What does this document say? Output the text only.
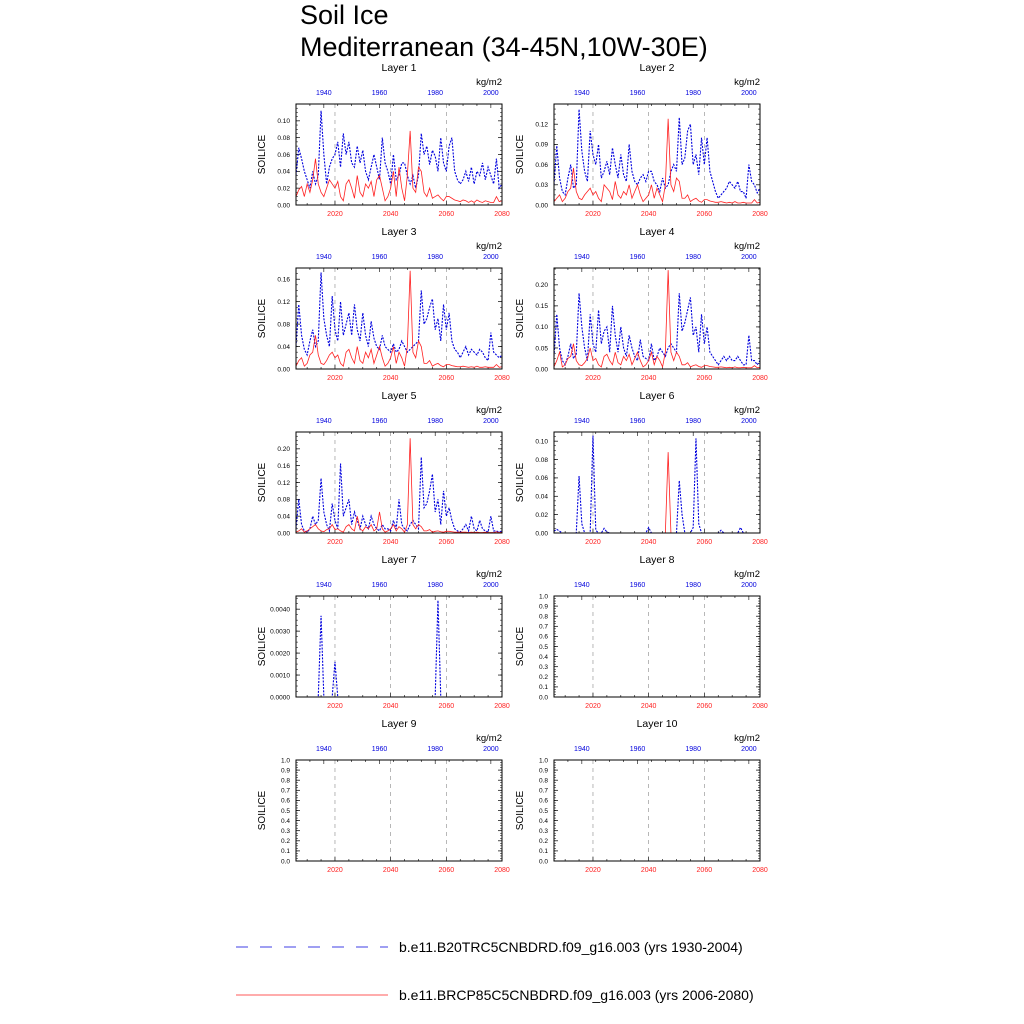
Soil Ice
Mediterranean (34-45N,10W-30E)
Layer 1
kg/m2
SOILICE
0.00
0.02
0.04
0.06
0.08
0.10
2020	2040	2060	2080
1940	1960	1980	2000
Layer 2
kg/m2
SOILICE
0.00
0.03
0.06
0.09
0.12
2020	2040	2060	2080
1940	1960	1980	2000
Layer 3
kg/m2
SOILICE
0.00
0.04
0.08
0.12
0.16
2020	2040	2060	2080
1940	1960	1980	2000
Layer 4
kg/m2
SOILICE
0.00
0.05
0.10
0.15
0.20
2020	2040	2060	2080
1940	1960	1980	2000
Layer 5
kg/m2
SOILICE
0.00
0.04
0.08
0.12
0.16
0.20
2020	2040	2060	2080
1940	1960	1980	2000
Layer 6
kg/m2
SOILICE
0.00
0.02
0.04
0.06
0.08
0.10
2020	2040	2060	2080
1940	1960	1980	2000
Layer 7
kg/m2
SOILICE
0.0000
0.0010
0.0020
0.0030
0.0040
2020	2040	2060	2080
1940	1960	1980	2000
Layer 8
kg/m2
SOILICE
0.0
0.1
0.2
0.3
0.4
0.5
0.6
0.7
0.8
0.9
1.0
2020	2040	2060	2080
1940	1960	1980	2000
Layer 9
kg/m2
SOILICE
0.0
0.1
0.2
0.3
0.4
0.5
0.6
0.7
0.8
0.9
1.0
2020	2040	2060	2080
1940	1960	1980	2000
Layer 10
kg/m2
SOILICE
0.0
0.1
0.2
0.3
0.4
0.5
0.6
0.7
0.8
0.9
1.0
2020	2040	2060	2080
1940	1960	1980	2000
b.e11.B20TRC5CNBDRD.f09_g16.003 (yrs 1930-2004)
b.e11.BRCP85C5CNBDRD.f09_g16.003 (yrs 2006-2080)
